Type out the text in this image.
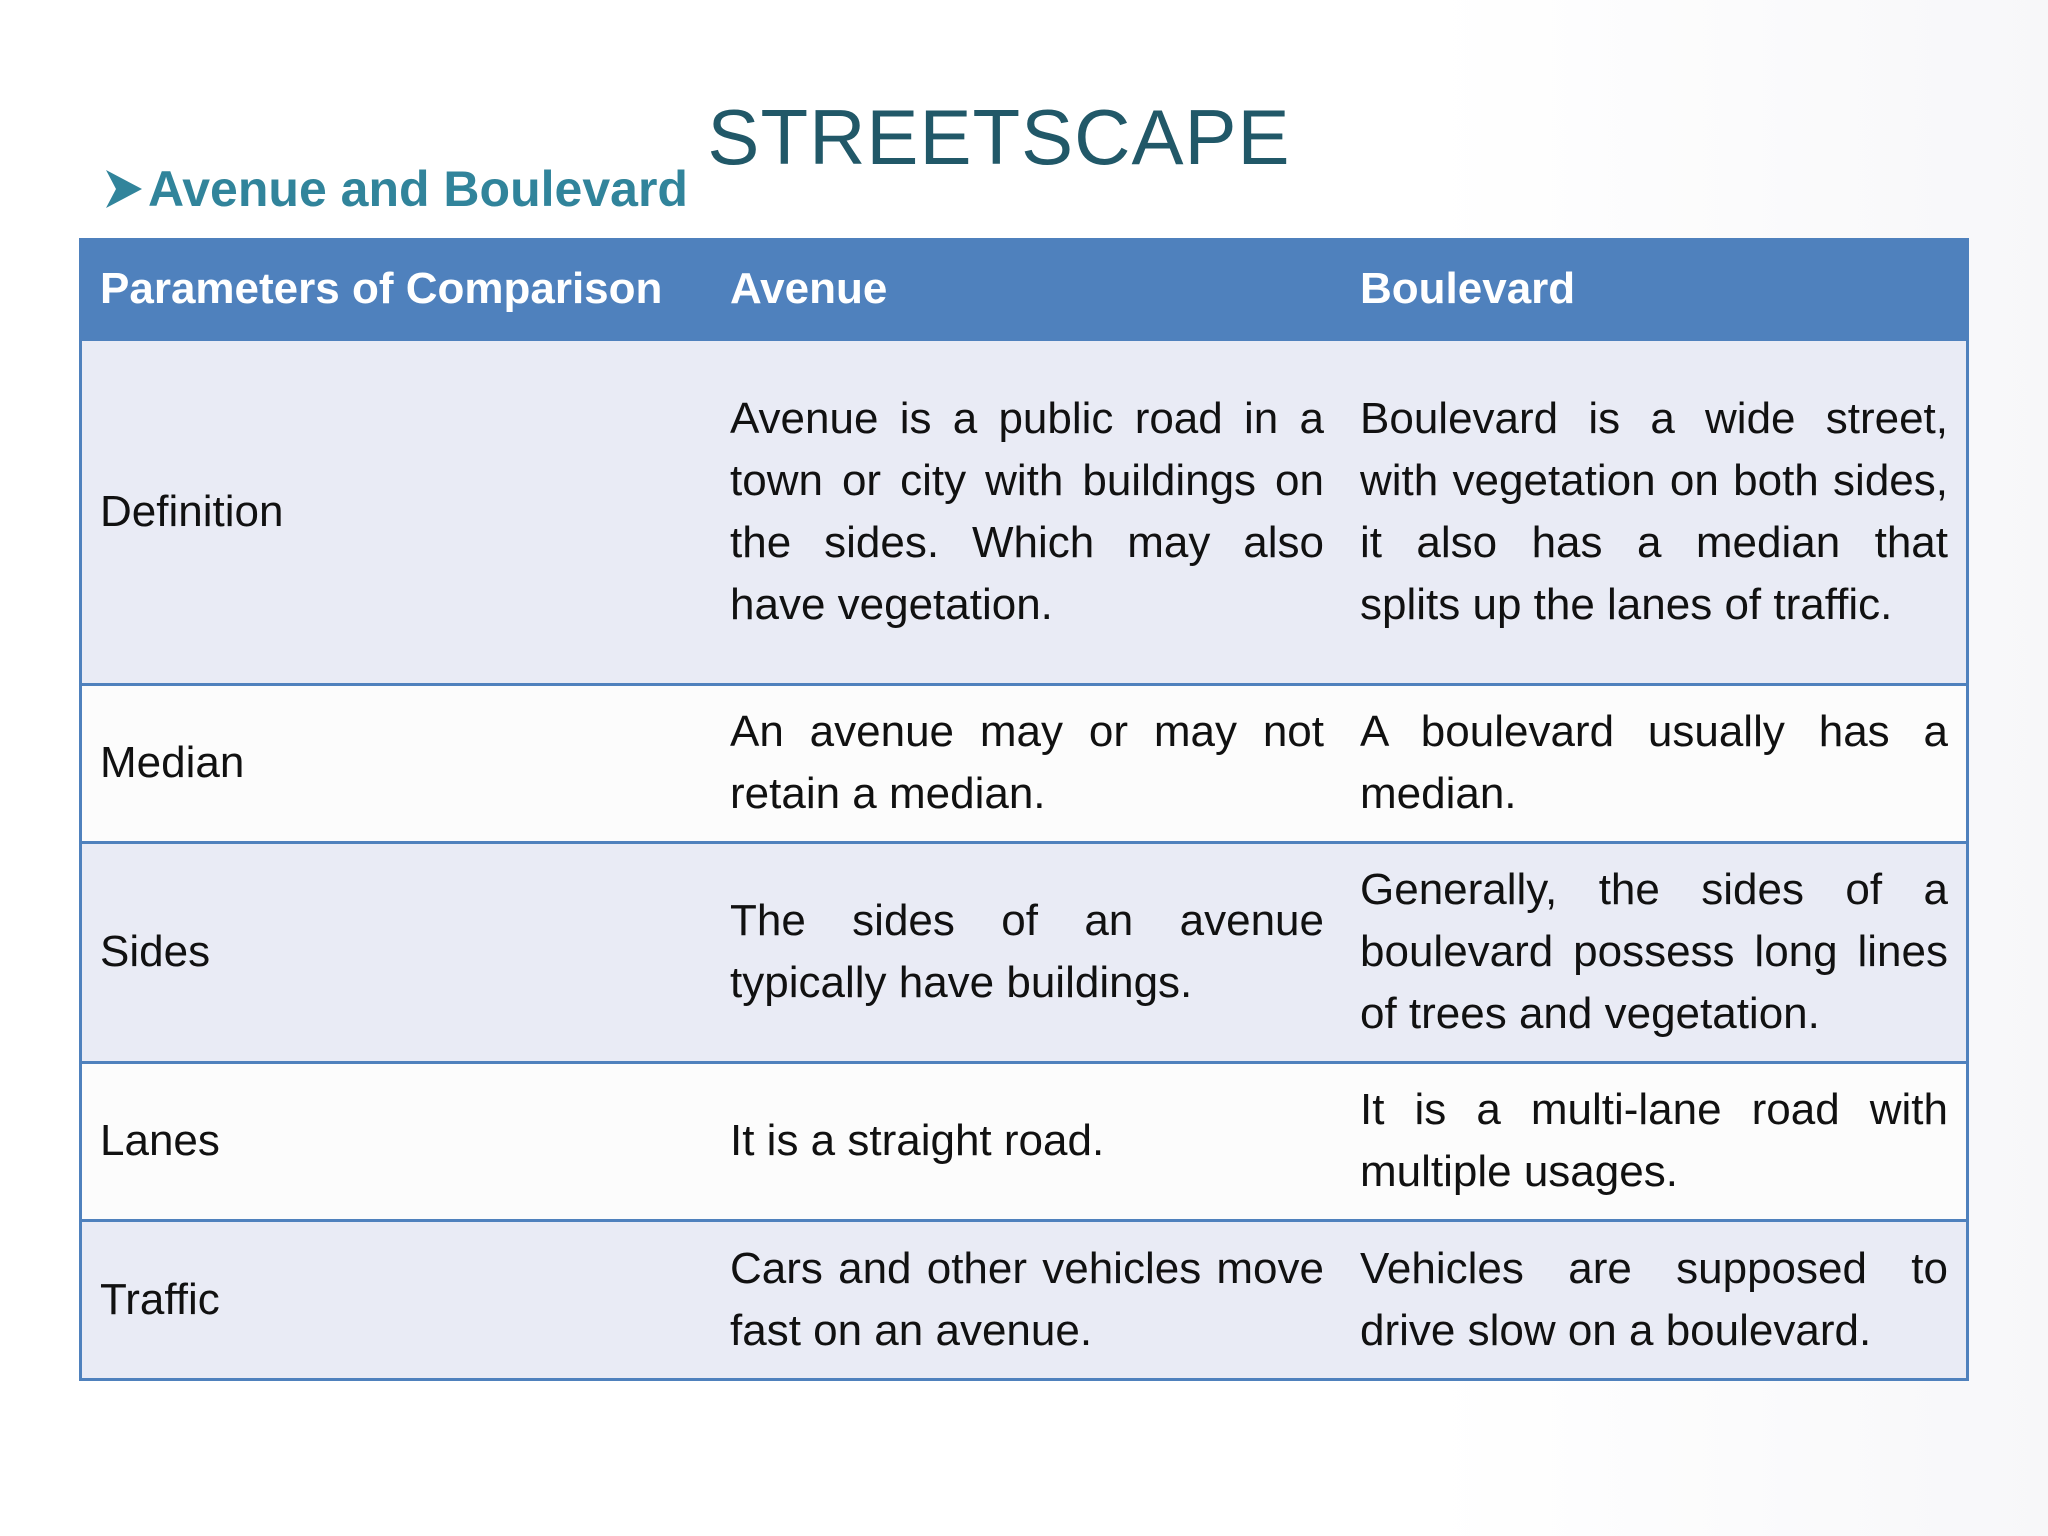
STREETSCAPE
Avenue and Boulevard
Parameters of Comparison	Avenue	Boulevard
Definition	Avenue is a public road in a town or city with buildings on the sides. Which may also have vegetation.	Boulevard is a wide street, with vegetation on both sides, it also has a median that splits up the lanes of traffic.
Median	An avenue may or may not retain a median.	A boulevard usually has a median.
Sides	The sides of an avenue typically have buildings.	Generally, the sides of a boulevard possess long lines of trees and vegetation.
Lanes	It is a straight road.	It is a multi-lane road with multiple usages.
Traffic	Cars and other vehicles move fast on an avenue.	Vehicles are supposed to drive slow on a boulevard.
